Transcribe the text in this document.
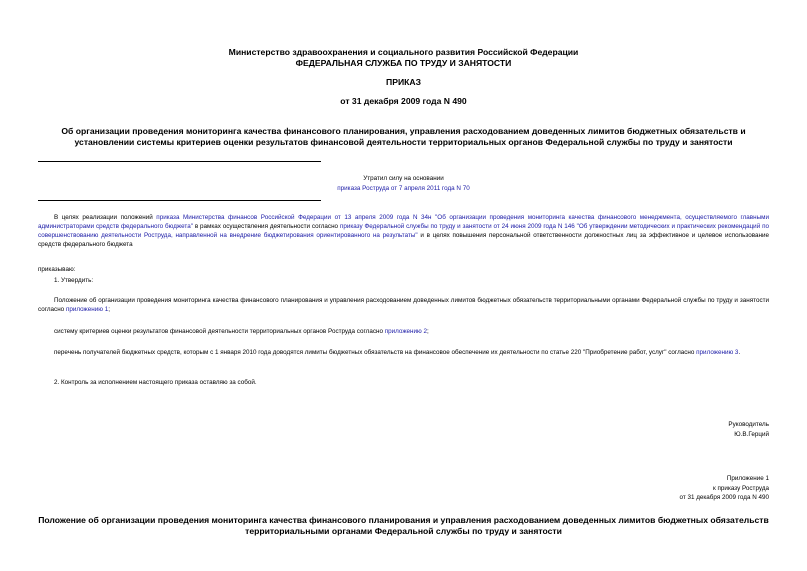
Министерство здравоохранения и социального развития Российской Федерации
ФЕДЕРАЛЬНАЯ СЛУЖБА ПО ТРУДУ И ЗАНЯТОСТИ
ПРИКАЗ
от 31 декабря 2009 года N 490
Об организации проведения мониторинга качества финансового планирования, управления расходованием доведенных лимитов бюджетных обязательств и установлении системы критериев оценки результатов финансовой деятельности территориальных органов Федеральной службы по труду и занятости
Утратил силу на основании
приказа Роструда от 7 апреля 2011 года N 70
В целях реализации положений приказа Министерства финансов Российской Федерации от 13 апреля 2009 года N 34н "Об организации проведения мониторинга качества финансового менеджмента, осуществляемого главными администраторами средств федерального бюджета" в рамках осуществления деятельности согласно приказу Федеральной службы по труду и занятости от 24 июня 2009 года N 146 "Об утверждении методических и практических рекомендаций по совершенствованию деятельности Роструда, направленной на внедрение бюджетирования ориентированного на результаты" и в целях повышения персональной ответственности должностных лиц за эффективное и целевое использование средств федерального бюджета
приказываю:
1. Утвердить:
Положение об организации проведения мониторинга качества финансового планирования и управления расходованием доведенных лимитов бюджетных обязательств территориальными органами Федеральной службы по труду и занятости согласно приложению 1;
систему критериев оценки результатов финансовой деятельности территориальных органов Роструда согласно приложению 2;
перечень получателей бюджетных средств, которым с 1 января 2010 года доводятся лимиты бюджетных обязательств на финансовое обеспечение их деятельности по статье 220 "Приобретение работ, услуг" согласно приложению 3.
2. Контроль за исполнением настоящего приказа оставляю за собой.
Руководитель
Ю.В.Герций
Приложение 1
к приказу Роструда
от 31 декабря 2009 года N 490
Положение об организации проведения мониторинга качества финансового планирования и управления расходованием доведенных лимитов бюджетных обязательств территориальными органами Федеральной службы по труду и занятости
